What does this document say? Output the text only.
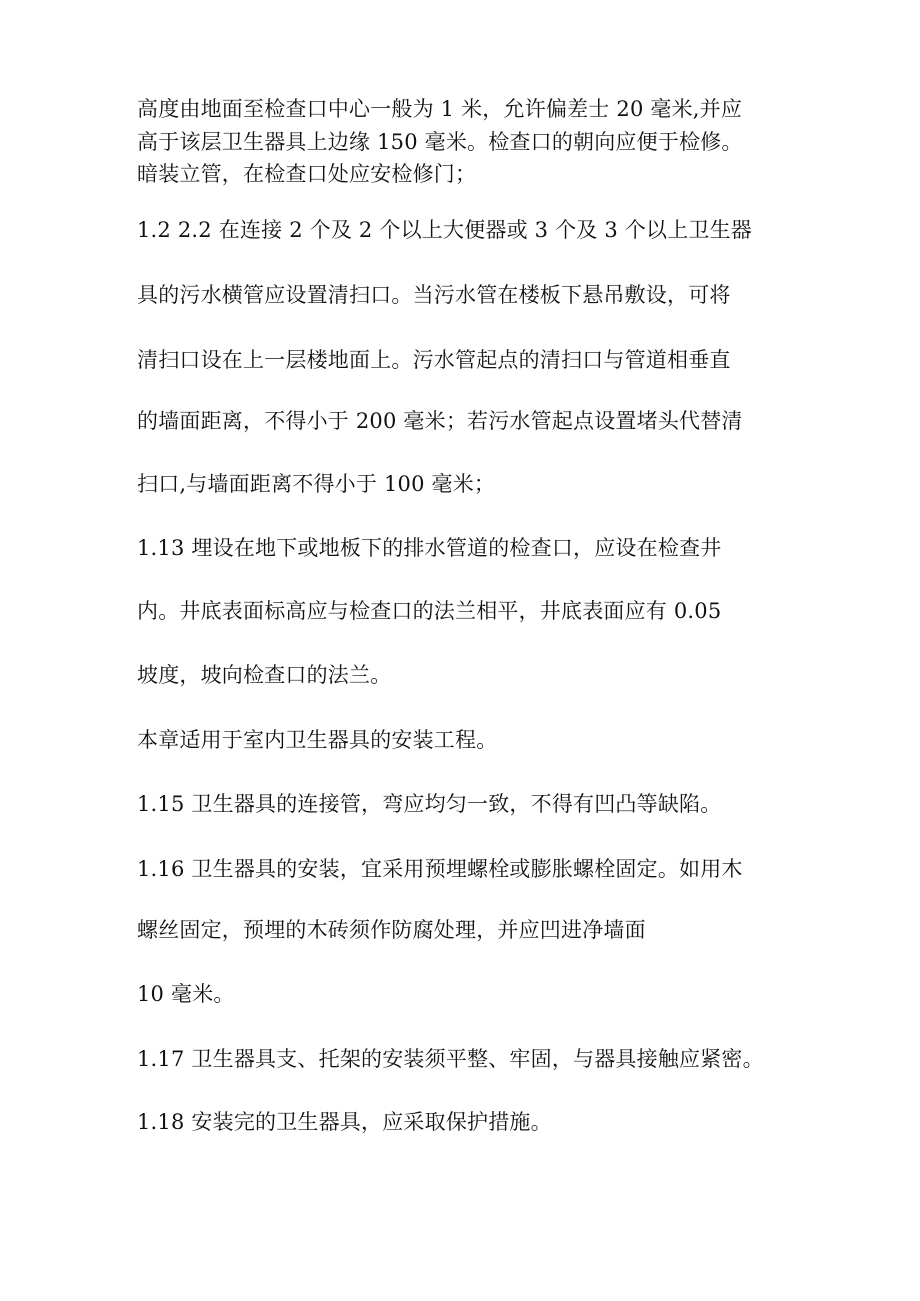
高度由地面至检查口中心一般为 1 米，允许偏差士 20 毫米,并应
高于该层卫生器具上边缘 150 毫米。检查口的朝向应便于检修。
暗装立管，在检查口处应安检修门；
1.2 2.2 在连接 2 个及 2 个以上大便器或 3 个及 3 个以上卫生器
具的污水横管应设置清扫口。当污水管在楼板下悬吊敷设，可将
清扫口设在上一层楼地面上。污水管起点的清扫口与管道相垂直
的墙面距离，不得小于 200 毫米；若污水管起点设置堵头代替清
扫口,与墙面距离不得小于 100 毫米；
1.13 埋设在地下或地板下的排水管道的检查口，应设在检查井
内。井底表面标高应与检查口的法兰相平，井底表面应有 0.05
坡度，坡向检查口的法兰。
本章适用于室内卫生器具的安装工程。
1.15 卫生器具的连接管，弯应均匀一致，不得有凹凸等缺陷。
1.16 卫生器具的安装，宜采用预埋螺栓或膨胀螺栓固定。如用木
螺丝固定，预埋的木砖须作防腐处理，并应凹进净墙面
10 毫米。
1.17 卫生器具支、托架的安装须平整、牢固，与器具接触应紧密。
1.18 安装完的卫生器具，应采取保护措施。
